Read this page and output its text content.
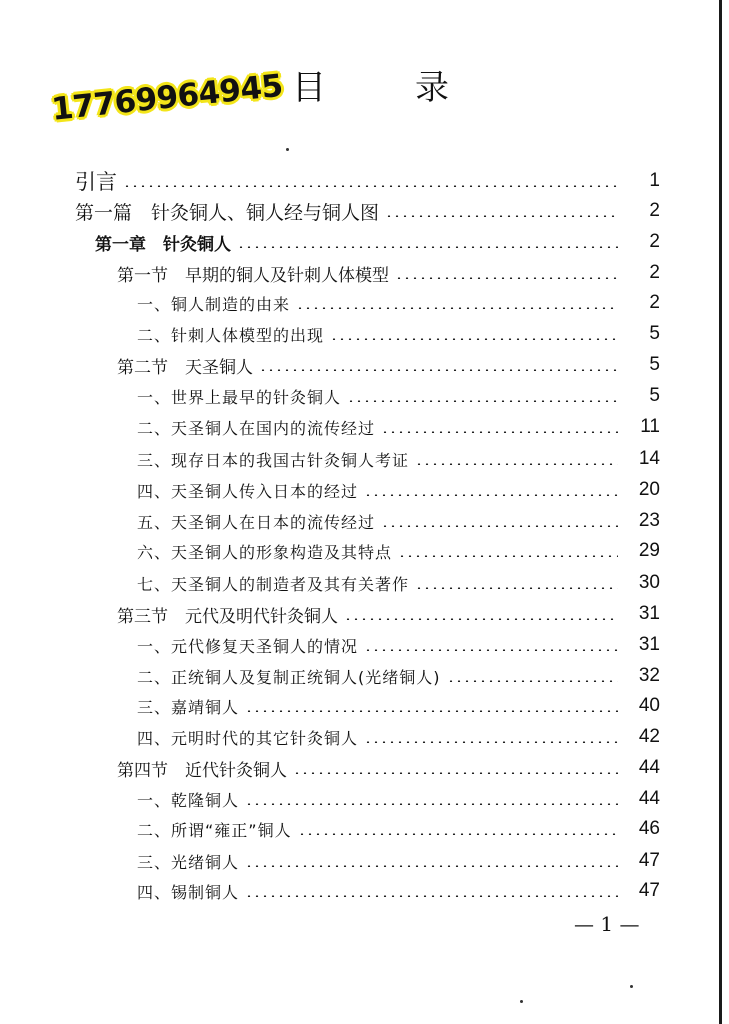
目	录
17769964945
引言	1
第一篇　针灸铜人、铜人经与铜人图	2
第一章　针灸铜人	2
第一节　早期的铜人及针刺人体模型	2
一、铜人制造的由来	2
二、针刺人体模型的出现	5
第二节　天圣铜人	5
一、世界上最早的针灸铜人	5
二、天圣铜人在国内的流传经过	11
三、现存日本的我国古针灸铜人考证	14
四、天圣铜人传入日本的经过	20
五、天圣铜人在日本的流传经过	23
六、天圣铜人的形象构造及其特点	29
七、天圣铜人的制造者及其有关著作	30
第三节　元代及明代针灸铜人	31
一、元代修复天圣铜人的情况	31
二、正统铜人及复制正统铜人(光绪铜人)	32
三、嘉靖铜人	40
四、元明时代的其它针灸铜人	42
第四节　近代针灸铜人	44
一、乾隆铜人	44
二、所谓“雍正”铜人	46
三、光绪铜人	47
四、锡制铜人	47
— 1 —
